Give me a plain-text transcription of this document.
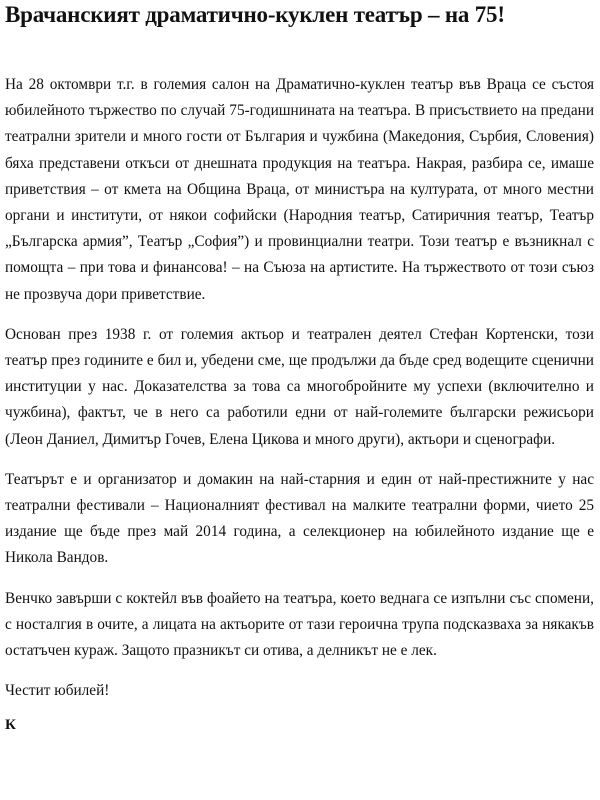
Врачанският драматично-куклен театър – на 75!

На 28 октомври т.г. в големия салон на Драматично-куклен театър във Враца се състоя юбилейното тържество по случай 75-годишнината на театъра. В присъствието на предани театрални зрители и много гости от България и чужбина (Македония, Сърбия, Словения) бяха представени откъси от днешната продукция на театъра. Накрая, разбира се, имаше приветствия – от кмета на Община Враца, от министъра на културата, от много местни органи и институти, от някои софийски (Народния театър, Сатиричния театър, Театър „Българска армия”, Театър „София”) и провинциални театри. Този театър е възникнал с помощта – при това и финансова! – на Съюза на артистите. На тържеството от този съюз не прозвуча дори приветствие.

Основан през 1938 г. от големия актьор и театрален деятел Стефан Кортенски, този театър през годините е бил и, убедени сме, ще продължи да бъде сред водещите сценични институции у нас. Доказателства за това са многобройните му успехи (включително и чужбина), фактът, че в него са работили едни от най-големите български режисьори (Леон Даниел, Димитър Гочев, Елена Цикова и много други), актьори и сценографи.

Театърът е и организатор и домакин на най-старния и един от най-престижните у нас театрални фестивали – Националният фестивал на малките театрални форми, чието 25 издание ще бъде през май 2014 година, а селекционер на юбилейното издание ще е Никола Вандов.

Венчко завърши с коктейл във фоайето на театъра, което веднага се изпълни със спомени, с носталгия в очите, а лицата на актьорите от тази героична трупа подсказваха за някакъв остатъчен кураж. Защото празникът си отива, а делникът не е лек.

Честит юбилей!

К
